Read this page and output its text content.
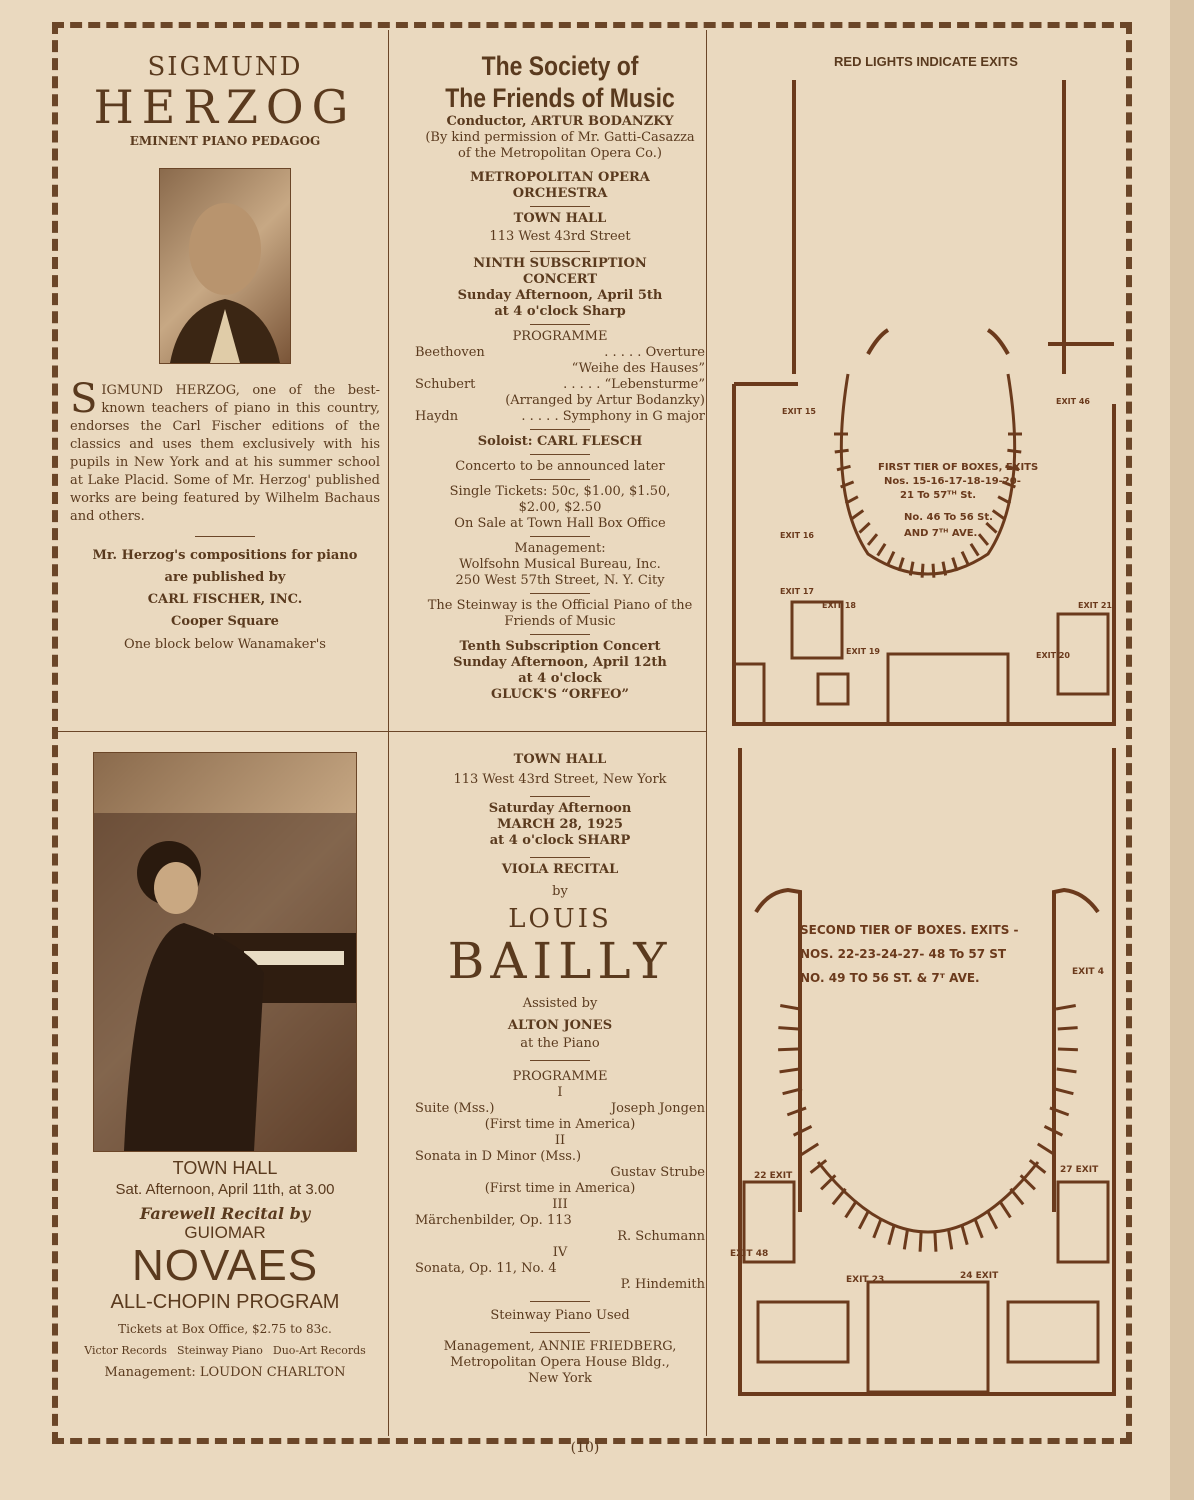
SIGMUND
HERZOG
EMINENT PIANO PEDAGOG
S IGMUND HERZOG, one of the best-known teachers of piano in this country, endorses the Carl Fischer editions of the classics and uses them exclusively with his pupils in New York and at his summer school at Lake Placid. Some of Mr. Herzog' published works are being featured by Wilhelm Bachaus and others.
Mr. Herzog's compositions for piano
are published by
CARL FISCHER, INC.
Cooper Square
One block below Wanamaker's
The Society of
The Friends of Music
Conductor, ARTUR BODANZKY
(By kind permission of Mr. Gatti-Casazza of the Metropolitan Opera Co.)
METROPOLITAN OPERA
ORCHESTRA
TOWN HALL
113 West 43rd Street
NINTH SUBSCRIPTION
CONCERT
Sunday Afternoon, April 5th
at 4 o'clock Sharp
PROGRAMME
Beethoven	. . . . . Overture
“Weihe des Hauses”
Schubert	. . . . . “Lebensturme”
(Arranged by Artur Bodanzky)
Haydn	. . . . . Symphony in G major
Soloist: CARL FLESCH
Concerto to be announced later
Single Tickets: 50c, $1.00, $1.50,
$2.00, $2.50
On Sale at Town Hall Box Office
Management:
Wolfsohn Musical Bureau, Inc.
250 West 57th Street, N. Y. City
The Steinway is the Official Piano of the Friends of Music
Tenth Subscription Concert
Sunday Afternoon, April 12th
at 4 o'clock
GLUCK'S “ORFEO”
TOWN HALL
Sat. Afternoon, April 11th, at 3.00
Farewell Recital by
GUIOMAR
NOVAES
ALL-CHOPIN PROGRAM
Tickets at Box Office, $2.75 to 83c.
Victor Records Steinway Piano Duo-Art Records
Management: LOUDON CHARLTON
TOWN HALL
113 West 43rd Street, New York
Saturday Afternoon
MARCH 28, 1925
at 4 o'clock SHARP
VIOLA RECITAL
by
LOUIS
BAILLY
Assisted by
ALTON JONES
at the Piano
PROGRAMME
I
Suite (Mss.)	Joseph Jongen
(First time in America)
II
Sonata in D Minor (Mss.)
Gustav Strube
(First time in America)
III
Märchenbilder, Op. 113
R. Schumann
IV
Sonata, Op. 11, No. 4
P. Hindemith
Steinway Piano Used
Management, ANNIE FRIEDBERG,
Metropolitan Opera House Bldg.,
New York
RED LIGHTS INDICATE EXITS
FIRST TIER OF BOXES, EXITS
Nos. 15-16-17-18-19-20-
21 To 57ᵀᴴ St.
No. 46 To 56 St.
AND 7ᵀᴴ AVE.
EXIT 15
EXIT 16
EXIT 17
EXIT 18
EXIT 19	EXIT 20
EXIT 21
EXIT 46
SECOND TIER OF BOXES. EXITS -
NOS. 22-23-24-27- 48 To 57 ST
NO. 49 TO 56 ST. & 7ᵀ AVE.
22 EXIT
27 EXIT
EXIT 48
EXIT 23	24 EXIT
EXIT 4
(10)
